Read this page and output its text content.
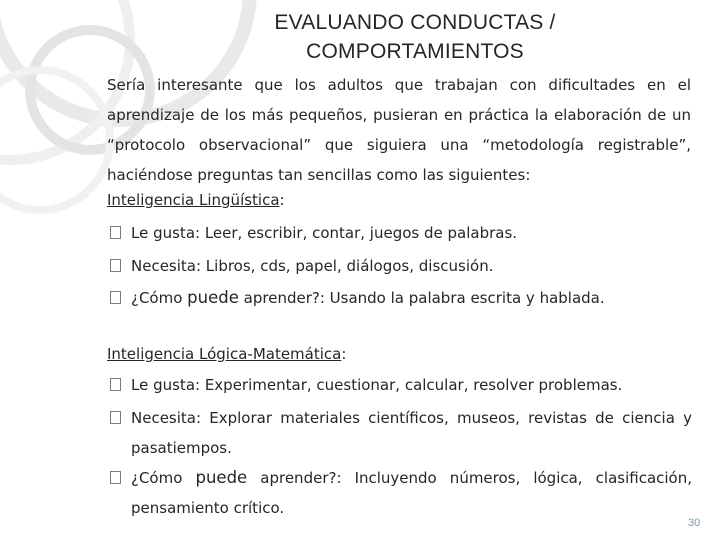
EVALUANDO CONDUCTAS /
COMPORTAMIENTOS

Sería interesante que los adultos que trabajan con dificultades en el aprendizaje de los más pequeños, pusieran en práctica la elaboración de un “protocolo observacional” que siguiera una “metodología registrable”, haciéndose preguntas tan sencillas como las siguientes:

Inteligencia Lingüística:

Le gusta: Leer, escribir, contar, juegos de palabras.
Necesita: Libros, cds, papel, diálogos, discusión.
¿Cómo puede aprender?: Usando la palabra escrita y hablada.

Inteligencia Lógica-Matemática:

Le gusta: Experimentar, cuestionar, calcular, resolver problemas.
Necesita: Explorar materiales científicos, museos, revistas de ciencia y pasatiempos.
¿Cómo puede aprender?: Incluyendo números, lógica, clasificación, pensamiento crítico.
30
